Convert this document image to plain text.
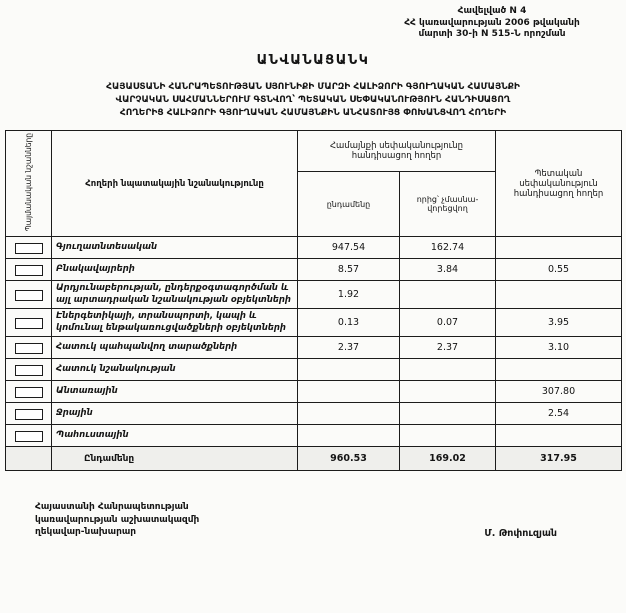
Հավելված N 4
ՀՀ կառավարության 2006 թվականի
մարտի 30-ի N 515-Ն որոշման
ԱՆՎԱՆԱՑԱՆԿ
ՀԱՅԱՍՏԱՆԻ ՀԱՆՐԱՊԵՏՈՒԹՅԱՆ ՍՅՈՒՆԻՔԻ ՄԱՐԶԻ ՀԱԼԻՁՈՐԻ ԳՅՈՒՂԱԿԱՆ ՀԱՄԱՅՆՔԻ
ՎԱՐՉԱԿԱՆ ՍԱՀՄԱՆՆԵՐՈՒՄ ԳՏՆՎՈՂ՝ ՊԵՏԱԿԱՆ ՍԵՓԱԿԱՆՈՒԹՅՈՒՆ ՀԱՆԴԻՍԱՑՈՂ
ՀՈՂԵՐԻՑ ՀԱԼԻՁՈՐԻ ԳՅՈՒՂԱԿԱՆ ՀԱՄԱՅՆՔԻՆ ԱՆՀԱՏՈՒՅՑ ՓՈԽԱՆՑՎՈՂ ՀՈՂԵՐԻ
Պայմանական նշանները	Հողերի նպատակային նշանակությունը	Համայնքի սեփականությունը հանդիսացող հողեր		Պետական սեփականություն հանդիսացող հողեր
		ընդամենը	որից՝ չմասնա-վորեցվող	
	Գյուղատնտեսական	947.54	162.74	
	Բնակավայրերի	8.57	3.84	0.55
	Արդյունաբերության, ընդերքօգտագործման և այլ արտադրական նշանակության օբյեկտների	1.92		
	Էներգետիկայի, տրանսպորտի, կապի և կոմունալ ենթակառուցվածքների օբյեկտների	0.13	0.07	3.95
	Հատուկ պահպանվող տարածքների	2.37	2.37	3.10
	Հատուկ նշանակության			
	Անտառային			307.80
	Ջրային			2.54
	Պահուստային			
	Ընդամենը	960.53	169.02	317.95
Հայաստանի Հանրապետության
կառավարության աշխատակազմի
ղեկավար-նախարար	Մ. Թոփուզյան
